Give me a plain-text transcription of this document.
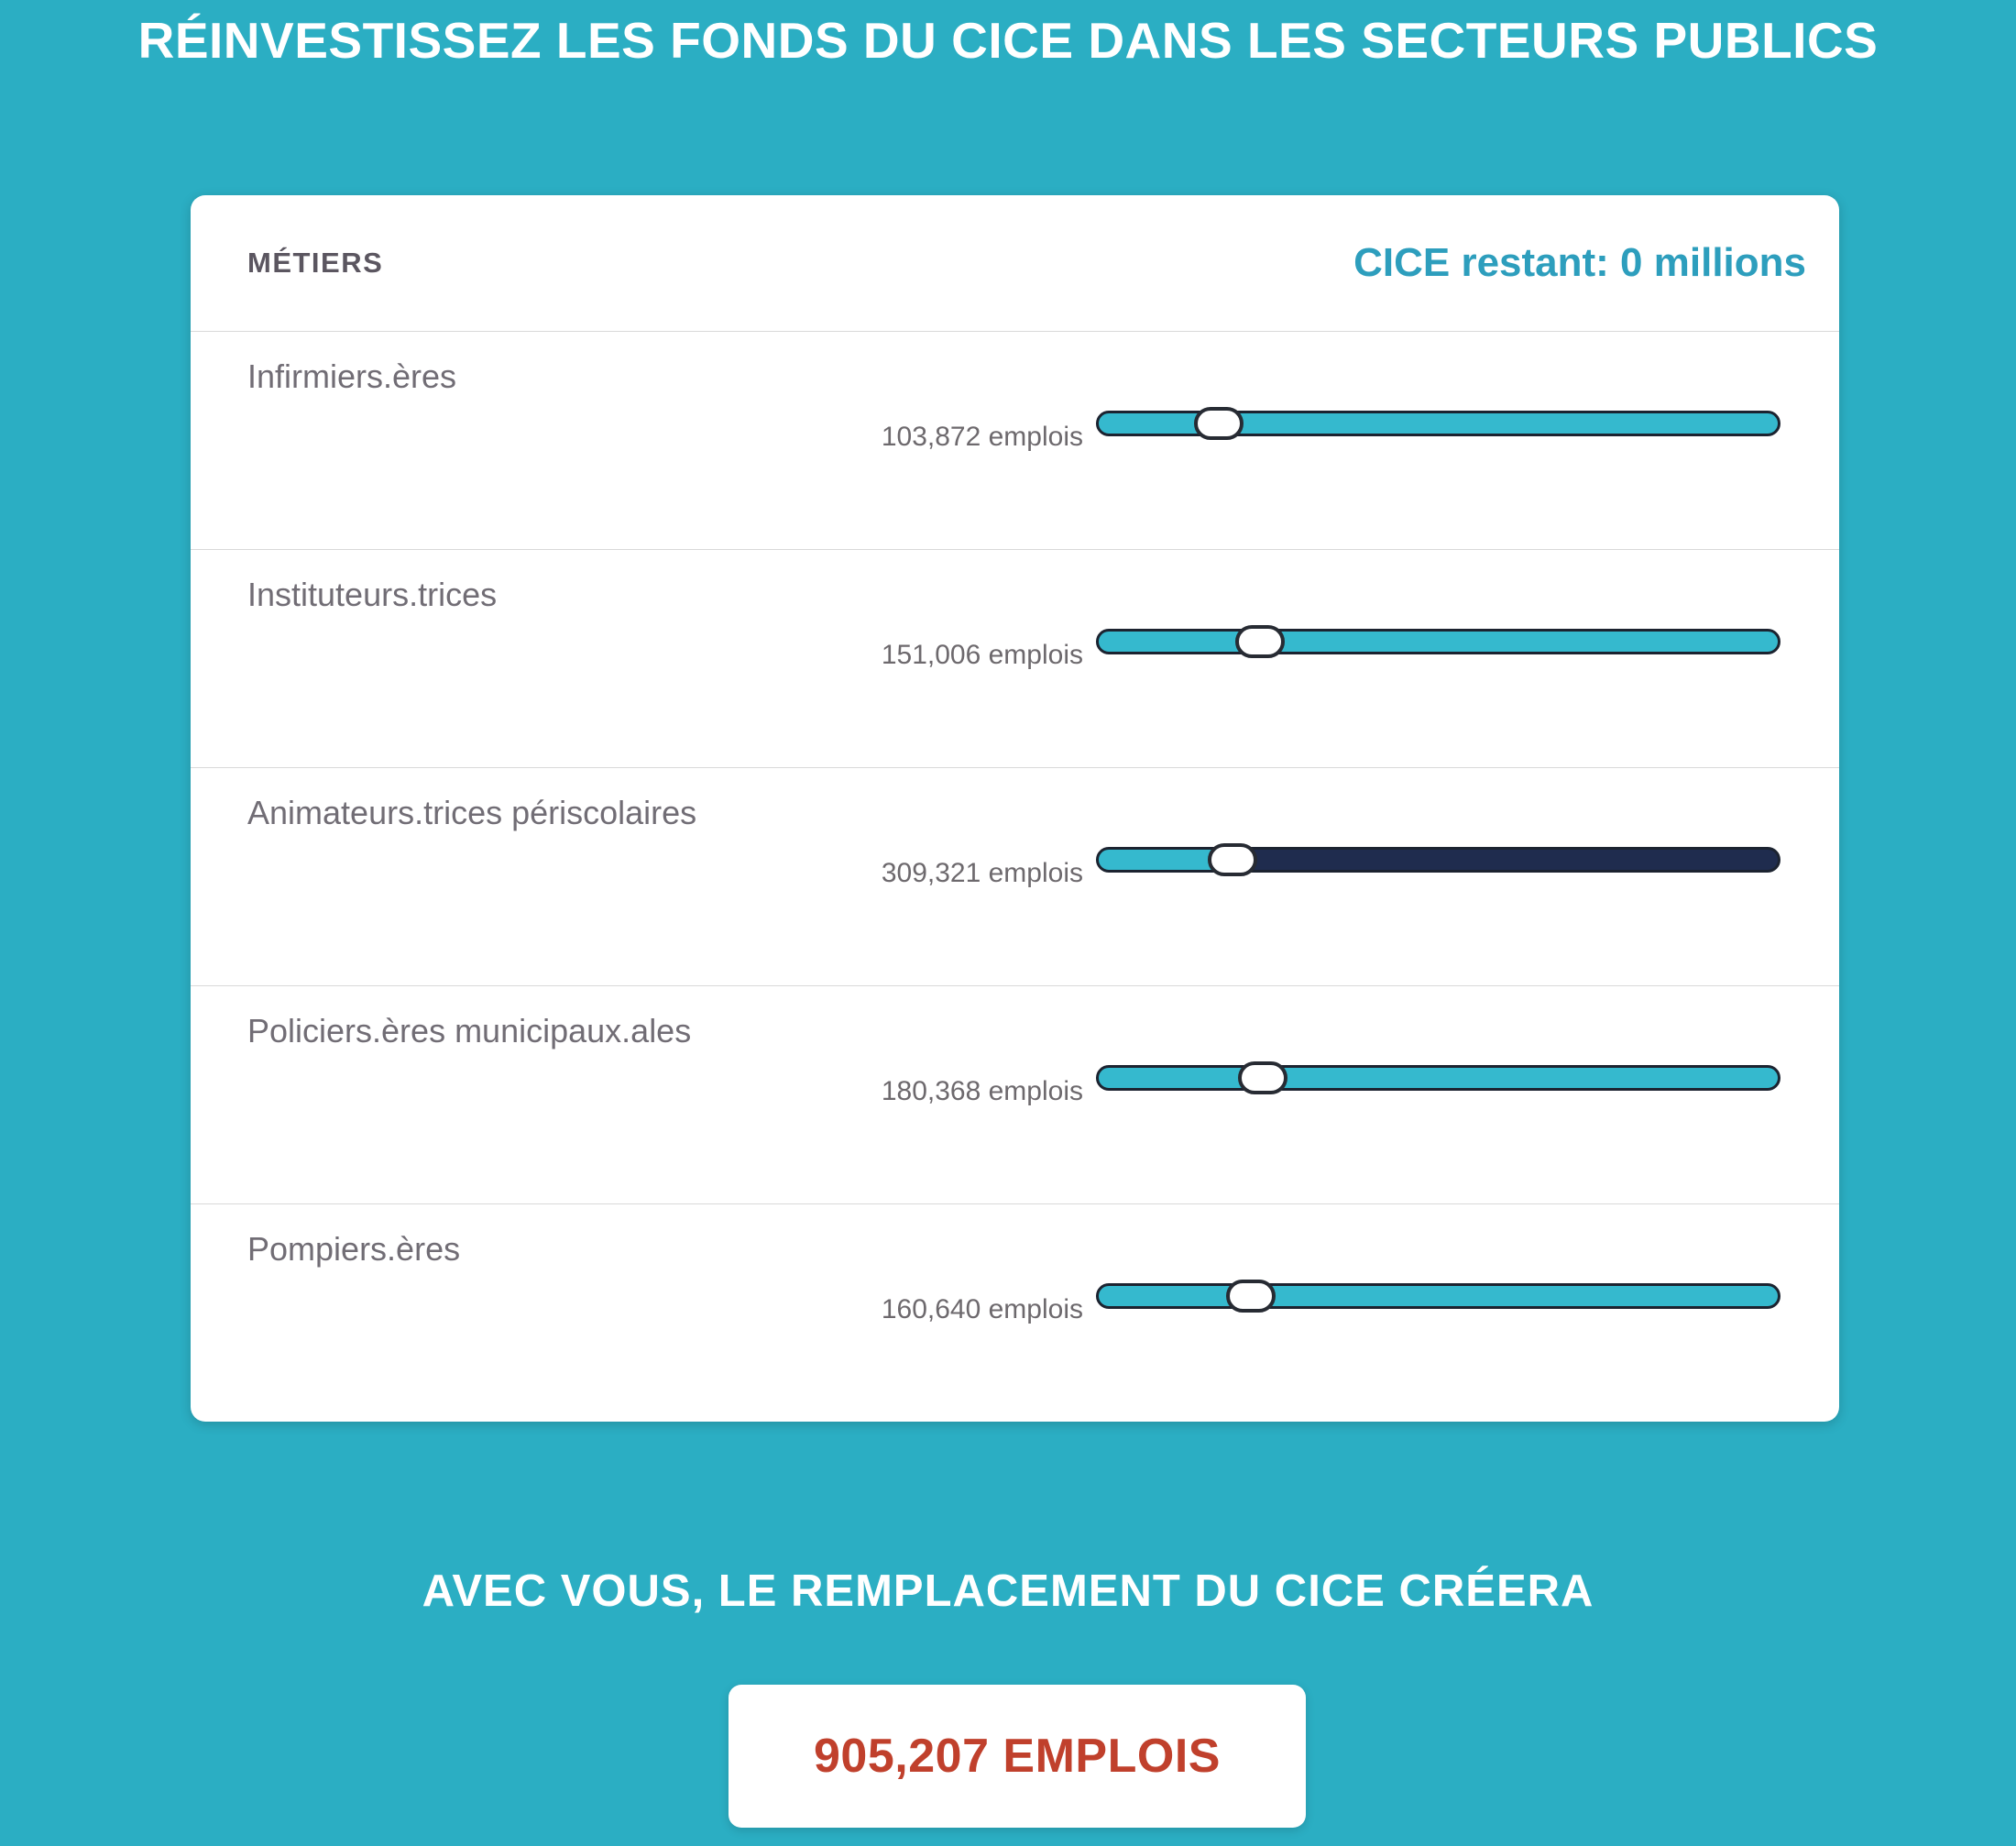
RÉINVESTISSEZ LES FONDS DU CICE DANS LES SECTEURS PUBLICS
MÉTIERS	CICE restant: 0 millions
Infirmiers.ères
103,872 emplois
Instituteurs.trices
151,006 emplois
Animateurs.trices périscolaires
309,321 emplois
Policiers.ères municipaux.ales
180,368 emplois
Pompiers.ères
160,640 emplois
AVEC VOUS, LE REMPLACEMENT DU CICE CRÉERA
905,207 EMPLOIS
